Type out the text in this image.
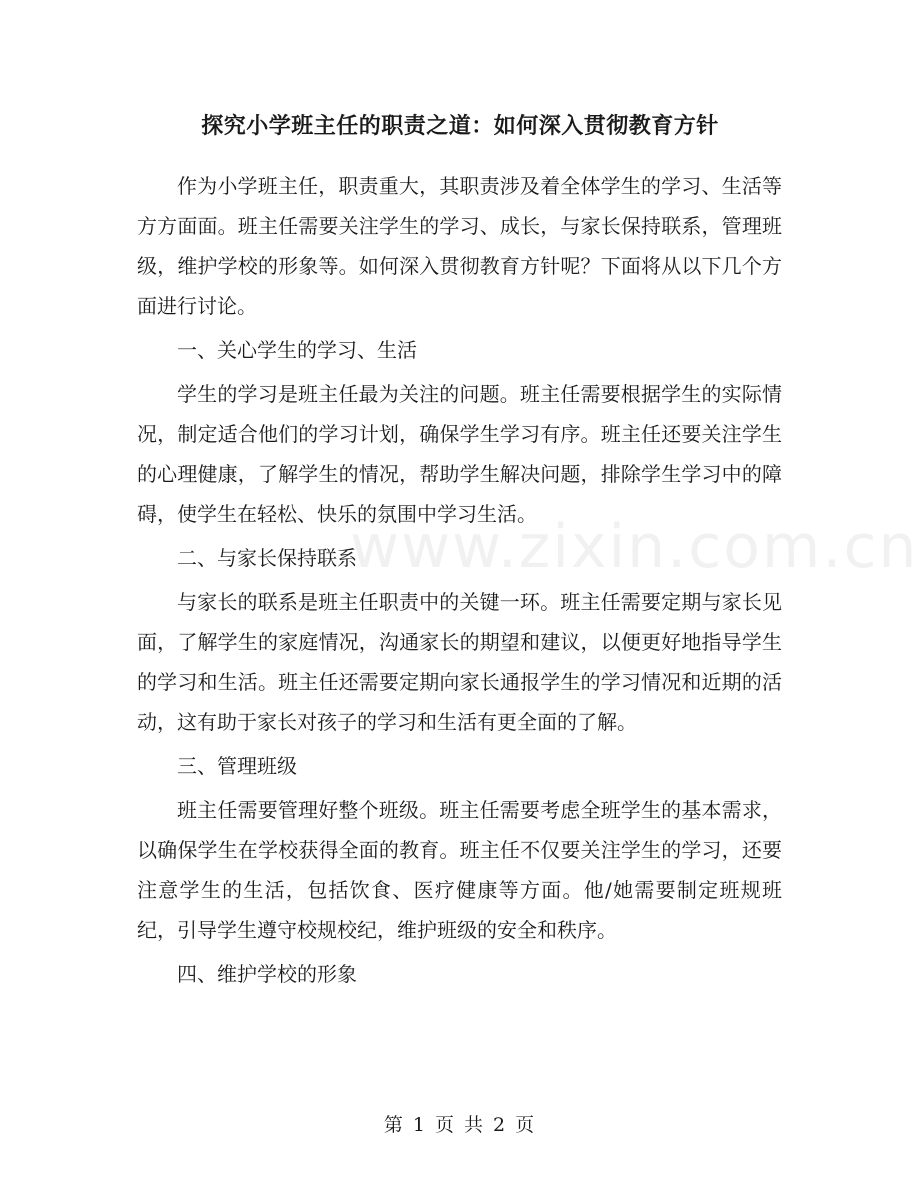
www.zixin.com.cn
探究小学班主任的职责之道：如何深入贯彻教育方针

作为小学班主任，职责重大，其职责涉及着全体学生的学习、生活等方方面面。班主任需要关注学生的学习、成长，与家长保持联系，管理班级，维护学校的形象等。如何深入贯彻教育方针呢？下面将从以下几个方面进行讨论。

一、关心学生的学习、生活

学生的学习是班主任最为关注的问题。班主任需要根据学生的实际情况，制定适合他们的学习计划，确保学生学习有序。班主任还要关注学生的心理健康，了解学生的情况，帮助学生解决问题，排除学生学习中的障碍，使学生在轻松、快乐的氛围中学习生活。

二、与家长保持联系

与家长的联系是班主任职责中的关键一环。班主任需要定期与家长见面，了解学生的家庭情况，沟通家长的期望和建议，以便更好地指导学生的学习和生活。班主任还需要定期向家长通报学生的学习情况和近期的活动，这有助于家长对孩子的学习和生活有更全面的了解。

三、管理班级

班主任需要管理好整个班级。班主任需要考虑全班学生的基本需求，以确保学生在学校获得全面的教育。班主任不仅要关注学生的学习，还要注意学生的生活，包括饮食、医疗健康等方面。他/她需要制定班规班纪，引导学生遵守校规校纪，维护班级的安全和秩序。

四、维护学校的形象

第 1 页 共 2 页
